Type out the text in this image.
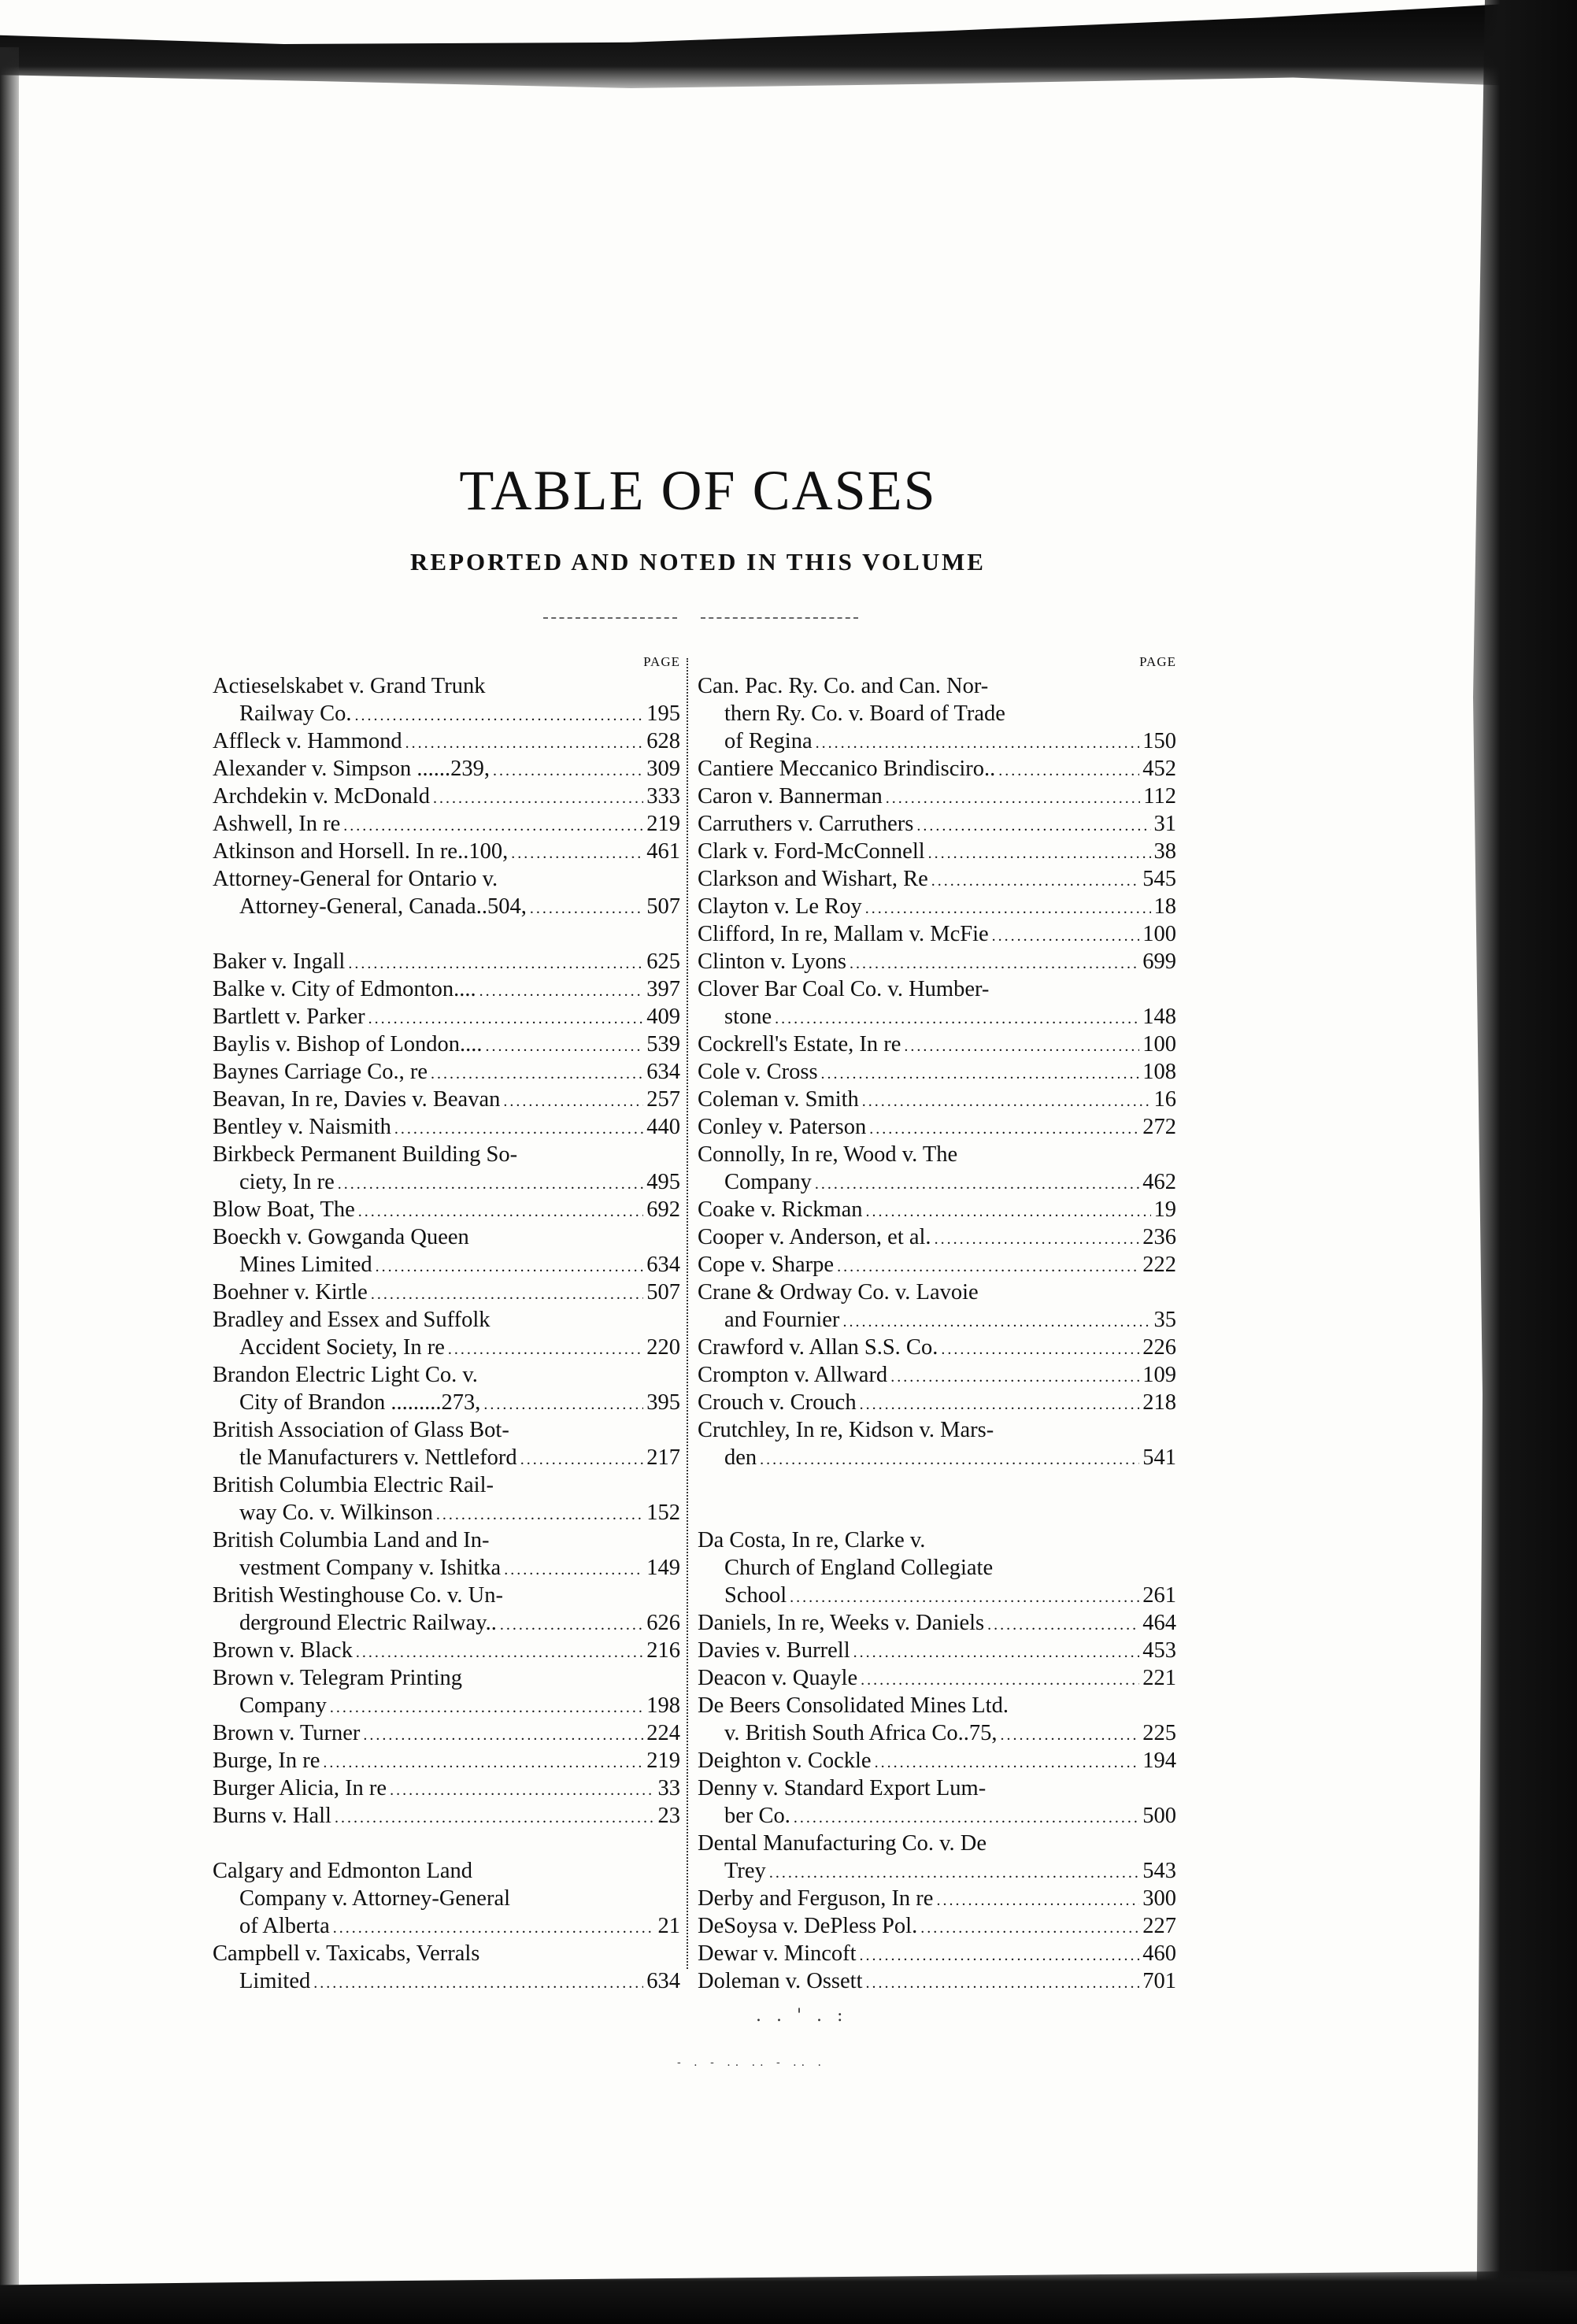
TABLE OF CASES
REPORTED AND NOTED IN THIS VOLUME
PAGE
Actieselskabet v. Grand Trunk
Railway Co. .....	195
Affleck v. Hammond .....	628
Alexander v. Simpson ......239, .....	309
Archdekin v. McDonald .....	333
Ashwell, In re .....	219
Atkinson and Horsell. In re..100, .....	461
Attorney-General for Ontario v.
Attorney-General, Canada..504, .....	507
Baker v. Ingall .....	625
Balke v. City of Edmonton.... .....	397
Bartlett v. Parker .....	409
Baylis v. Bishop of London.... .....	539
Baynes Carriage Co., re .....	634
Beavan, In re, Davies v. Beavan .....	257
Bentley v. Naismith .....	440
Birkbeck Permanent Building So-
ciety, In re .....	495
Blow Boat, The .....	692
Boeckh v. Gowganda Queen
Mines Limited .....	634
Boehner v. Kirtle .....	507
Bradley and Essex and Suffolk
Accident Society, In re .....	220
Brandon Electric Light Co. v.
City of Brandon .........273, .....	395
British Association of Glass Bot-
tle Manufacturers v. Nettleford .....	217
British Columbia Electric Rail-
way Co. v. Wilkinson .....	152
British Columbia Land and In-
vestment Company v. Ishitka .....	149
British Westinghouse Co. v. Un-
derground Electric Railway.. .....	626
Brown v. Black .....	216
Brown v. Telegram Printing
Company .....	198
Brown v. Turner .....	224
Burge, In re .....	219
Burger Alicia, In re .....	33
Burns v. Hall .....	23
Calgary and Edmonton Land
Company v. Attorney-General
of Alberta .....	21
Campbell v. Taxicabs, Verrals
Limited .....	634
PAGE
Can. Pac. Ry. Co. and Can. Nor-
thern Ry. Co. v. Board of Trade
of Regina .....	150
Cantiere Meccanico Brindisciro.. .....	452
Caron v. Bannerman .....	112
Carruthers v. Carruthers .....	31
Clark v. Ford-McConnell .....	38
Clarkson and Wishart, Re .....	545
Clayton v. Le Roy .....	18
Clifford, In re, Mallam v. McFie .....	100
Clinton v. Lyons .....	699
Clover Bar Coal Co. v. Humber-
stone .....	148
Cockrell's Estate, In re .....	100
Cole v. Cross .....	108
Coleman v. Smith .....	16
Conley v. Paterson .....	272
Connolly, In re, Wood v. The
Company .....	462
Coake v. Rickman .....	19
Cooper v. Anderson, et al. .....	236
Cope v. Sharpe .....	222
Crane & Ordway Co. v. Lavoie
and Fournier .....	35
Crawford v. Allan S.S. Co. .....	226
Crompton v. Allward .....	109
Crouch v. Crouch .....	218
Crutchley, In re, Kidson v. Mars-
den .....	541
Da Costa, In re, Clarke v.
Church of England Collegiate
School .....	261
Daniels, In re, Weeks v. Daniels .....	464
Davies v. Burrell .....	453
Deacon v. Quayle .....	221
De Beers Consolidated Mines Ltd.
v. British South Africa Co..75, .....	225
Deighton v. Cockle .....	194
Denny v. Standard Export Lum-
ber Co. .....	500
Dental Manufacturing Co. v. De
Trey .....	543
Derby and Ferguson, In re .....	300
DeSoysa v. DePless Pol. .....	227
Dewar v. Mincoft .....	460
Doleman v. Ossett .....	701
. . ' . :
- . - .. .. - .. .
